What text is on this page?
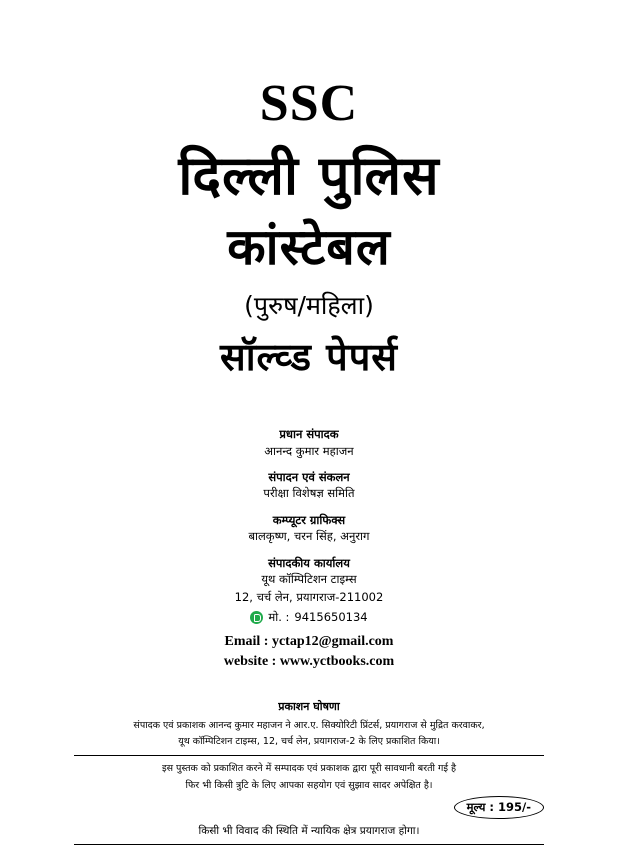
SSC
दिल्ली पुलिस
कांस्टेबल
(पुरुष/महिला)
सॉल्व्ड पेपर्स
प्रधान संपादक
आनन्द कुमार महाजन
संपादन एवं संकलन
परीक्षा विशेषज्ञ समिति
कम्प्यूटर ग्राफिक्स
बालकृष्ण, चरन सिंह, अनुराग
संपादकीय कार्यालय
यूथ कॉम्पिटिशन टाइम्स
12, चर्च लेन, प्रयागराज-211002
मो. : 9415650134
Email : yctap12@gmail.com
website : www.yctbooks.com
प्रकाशन घोषणा
संपादक एवं प्रकाशक आनन्द कुमार महाजन ने आर.ए. सिक्योरिटी प्रिंटर्स, प्रयागराज से मुद्रित करवाकर,
यूथ कॉम्पिटिशन टाइम्स, 12, चर्च लेन, प्रयागराज-2 के लिए प्रकाशित किया।
इस पुस्तक को प्रकाशित करने में सम्पादक एवं प्रकाशक द्वारा पूरी सावधानी बरती गई है
फिर भी किसी त्रुटि के लिए आपका सहयोग एवं सुझाव सादर अपेक्षित है।
मूल्य : 195/-
किसी भी विवाद की स्थिति में न्यायिक क्षेत्र प्रयागराज होगा।
